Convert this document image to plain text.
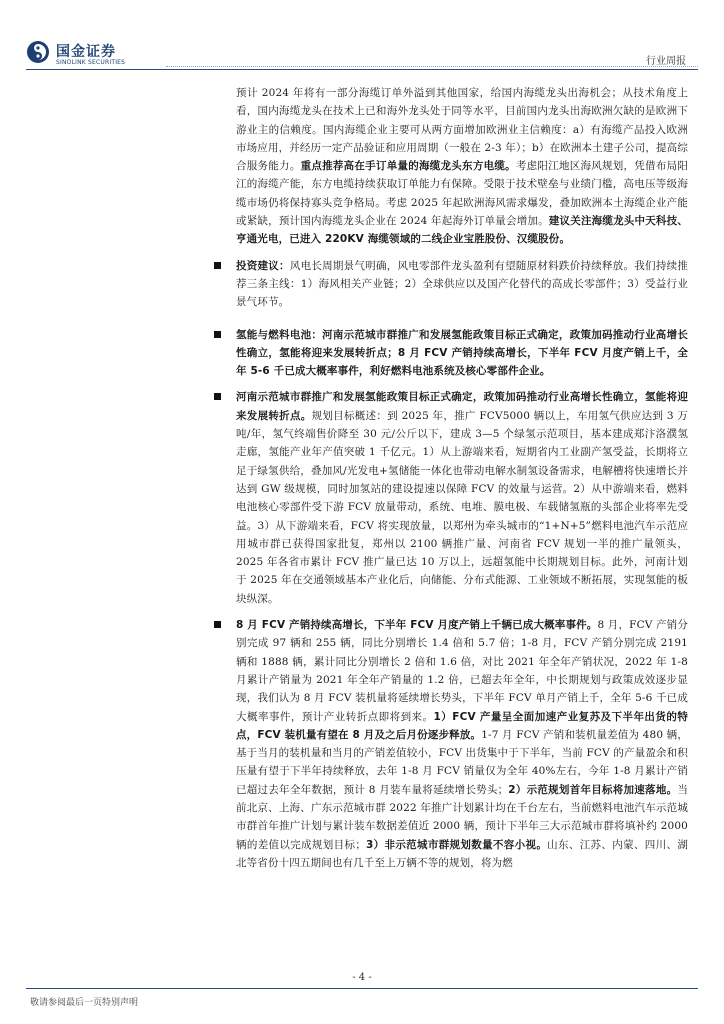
国金证券
SINOLINK SECURITIES	行业周报

预计 2024 年将有一部分海缆订单外溢到其他国家，给国内海缆龙头出海机会；从技术角度上看，国内海缆龙头在技术上已和海外龙头处于同等水平，目前国内龙头出海欧洲欠缺的是欧洲下游业主的信赖度。国内海缆企业主要可从两方面增加欧洲业主信赖度：a）有海缆产品投入欧洲市场应用，并经历一定产品验证和应用周期（一般在 2-3 年）；b）在欧洲本土建子公司，提高综合服务能力。重点推荐高在手订单量的海缆龙头东方电缆。考虑阳江地区海风规划，凭借布局阳江的海缆产能，东方电缆持续获取订单能力有保障。受限于技术壁垒与业绩门槛，高电压等级海缆市场仍将保持寡头竞争格局。考虑 2025 年起欧洲海风需求爆发，叠加欧洲本土海缆企业产能或紧缺，预计国内海缆龙头企业在 2024 年起海外订单量会增加。建议关注海缆龙头中天科技、亨通光电，已进入 220KV 海缆领域的二线企业宝胜股份、汉缆股份。

投资建议：风电长周期景气明确，风电零部件龙头盈利有望随原材料跌价持续释放。我们持续推荐三条主线：1）海风相关产业链；2）全球供应以及国产化替代的高成长零部件；3）受益行业景气环节。

氢能与燃料电池：河南示范城市群推广和发展氢能政策目标正式确定，政策加码推动行业高增长性确立，氢能将迎来发展转折点；8 月 FCV 产销持续高增长，下半年 FCV 月度产销上千，全年 5-6 千已成大概率事件，利好燃料电池系统及核心零部件企业。

河南示范城市群推广和发展氢能政策目标正式确定，政策加码推动行业高增长性确立，氢能将迎来发展转折点。规划目标概述：到 2025 年，推广 FCV5000 辆以上，车用氢气供应达到 3 万吨/年，氢气终端售价降至 30 元/公斤以下，建成 3—5 个绿氢示范项目，基本建成郑汴洛濮氢走廊，氢能产业年产值突破 1 千亿元。1）从上游端来看，短期省内工业副产氢受益，长期将立足于绿氢供给，叠加风/光发电+氢储能一体化也带动电解水制氢设备需求，电解槽将快速增长并达到 GW 级规模，同时加氢站的建设提速以保障 FCV 的效量与运营。2）从中游端来看，燃料电池核心零部件受下游 FCV 放量带动，系统、电堆、膜电极、车载储氢瓶的头部企业将率先受益。3）从下游端来看，FCV 将实现放量，以郑州为牵头城市的“1+N+5”燃料电池汽车示范应用城市群已获得国家批复，郑州以 2100 辆推广量、河南省 FCV 规划一半的推广量领头，2025 年各省市累计 FCV 推广量已达 10 万以上，远超氢能中长期规划目标。此外，河南计划于 2025 年在交通领域基本产业化后，向储能、分布式能源、工业领域不断拓展，实现氢能的板块纵深。

8 月 FCV 产销持续高增长，下半年 FCV 月度产销上千辆已成大概率事件。8 月，FCV 产销分别完成 97 辆和 255 辆，同比分别增长 1.4 倍和 5.7 倍；1-8 月，FCV 产销分别完成 2191 辆和 1888 辆，累计同比分别增长 2 倍和 1.6 倍，对比 2021 年全年产销状况，2022 年 1-8 月累计产销量为 2021 年全年产销量的 1.2 倍，已超去年全年，中长期规划与政策成效逐步显现，我们认为 8 月 FCV 装机量将延续增长势头，下半年 FCV 单月产销上千，全年 5-6 千已成大概率事件，预计产业转折点即将到来。1）FCV 产量呈全面加速产业复苏及下半年出货的特点，FCV 装机量有望在 8 月及之后月份逐步释放。1-7 月 FCV 产销和装机量差值为 480 辆，基于当月的装机量和当月的产销差值较小，FCV 出货集中于下半年，当前 FCV 的产量盈余和积压量有望于下半年持续释放，去年 1-8 月 FCV 销量仅为全年 40%左右，今年 1-8 月累计产销已超过去年全年数据，预计 8 月装车量将延续增长势头；2）示范规划首年目标将加速落地。当前北京、上海、广东示范城市群 2022 年推广计划累计均在千台左右，当前燃料电池汽车示范城市群首年推广计划与累计装车数据差值近 2000 辆，预计下半年三大示范城市群将填补约 2000 辆的差值以完成规划目标；3）非示范城市群规划数量不容小视。山东、江苏、内蒙、四川、湖北等省份十四五期间也有几千至上万辆不等的规划，将为燃

- 4 -
敬请参阅最后一页特别声明
